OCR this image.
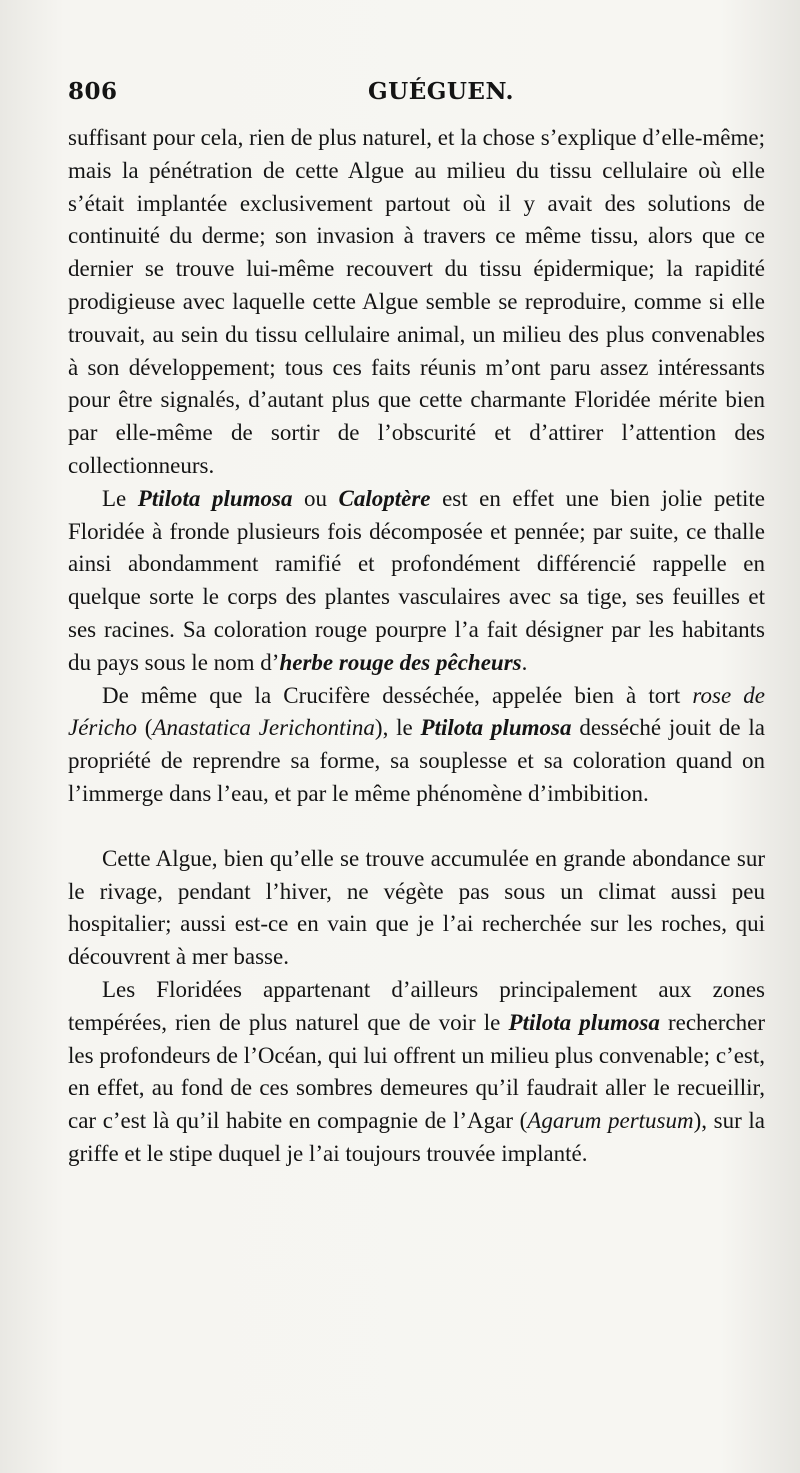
806	GUÉGUEN.

suffisant pour cela, rien de plus naturel, et la chose s’explique d’elle-même; mais la pénétration de cette Algue au milieu du tissu cellulaire où elle s’était implantée exclusivement partout où il y avait des solutions de continuité du derme; son invasion à travers ce même tissu, alors que ce dernier se trouve lui-même recouvert du tissu épidermique; la rapidité prodigieuse avec laquelle cette Algue semble se reproduire, comme si elle trouvait, au sein du tissu cellulaire animal, un milieu des plus convenables à son développement; tous ces faits réunis m’ont paru assez intéressants pour être signalés, d’autant plus que cette charmante Floridée mérite bien par elle-même de sortir de l’obscurité et d’attirer l’attention des collectionneurs.

Le Ptilota plumosa ou Caloptère est en effet une bien jolie petite Floridée à fronde plusieurs fois décomposée et pennée; par suite, ce thalle ainsi abondamment ramifié et profondément différencié rappelle en quelque sorte le corps des plantes vasculaires avec sa tige, ses feuilles et ses racines. Sa coloration rouge pourpre l’a fait désigner par les habitants du pays sous le nom d’herbe rouge des pêcheurs.

De même que la Crucifère desséchée, appelée bien à tort rose de Jéricho (Anastatica Jerichontina), le Ptilota plumosa desséché jouit de la propriété de reprendre sa forme, sa souplesse et sa coloration quand on l’immerge dans l’eau, et par le même phénomène d’imbibition.

Cette Algue, bien qu’elle se trouve accumulée en grande abondance sur le rivage, pendant l’hiver, ne végète pas sous un climat aussi peu hospitalier; aussi est-ce en vain que je l’ai recherchée sur les roches, qui découvrent à mer basse.

Les Floridées appartenant d’ailleurs principalement aux zones tempérées, rien de plus naturel que de voir le Ptilota plumosa rechercher les profondeurs de l’Océan, qui lui offrent un milieu plus convenable; c’est, en effet, au fond de ces sombres demeures qu’il faudrait aller le recueillir, car c’est là qu’il habite en compagnie de l’Agar (Agarum pertusum), sur la griffe et le stipe duquel je l’ai toujours trouvée implanté.
